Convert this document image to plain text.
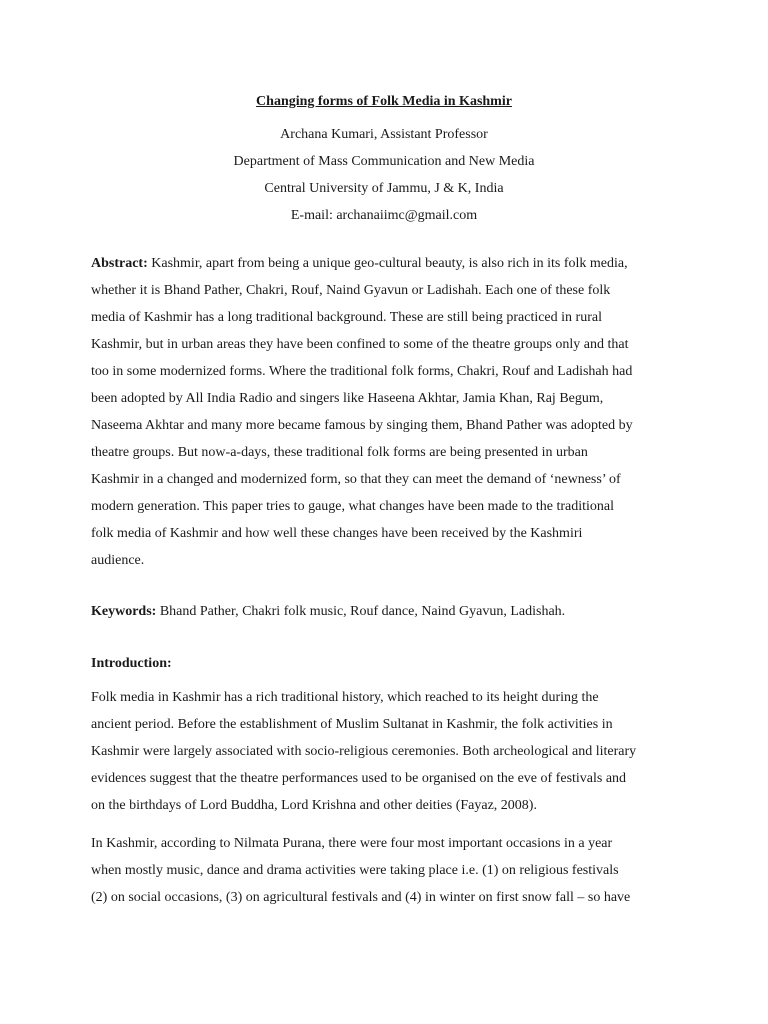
Changing forms of Folk Media in Kashmir
Archana Kumari, Assistant Professor
Department of Mass Communication and New Media
Central University of Jammu, J & K, India
E-mail: archanaiimc@gmail.com
Abstract: Kashmir, apart from being a unique geo-cultural beauty, is also rich in its folk media,
whether it is Bhand Pather, Chakri, Rouf, Naind Gyavun or Ladishah. Each one of these folk
media of Kashmir has a long traditional background. These are still being practiced in rural
Kashmir, but in urban areas they have been confined to some of the theatre groups only and that
too in some modernized forms. Where the traditional folk forms, Chakri, Rouf and Ladishah had
been adopted by All India Radio and singers like Haseena Akhtar, Jamia Khan, Raj Begum,
Naseema Akhtar and many more became famous by singing them, Bhand Pather was adopted by
theatre groups. But now-a-days, these traditional folk forms are being presented in urban
Kashmir in a changed and modernized form, so that they can meet the demand of ‘newness’ of
modern generation. This paper tries to gauge, what changes have been made to the traditional
folk media of Kashmir and how well these changes have been received by the Kashmiri
audience.
Keywords: Bhand Pather, Chakri folk music, Rouf dance, Naind Gyavun, Ladishah.
Introduction:
Folk media in Kashmir has a rich traditional history, which reached to its height during the
ancient period. Before the establishment of Muslim Sultanat in Kashmir, the folk activities in
Kashmir were largely associated with socio-religious ceremonies. Both archeological and literary
evidences suggest that the theatre performances used to be organised on the eve of festivals and
on the birthdays of Lord Buddha, Lord Krishna and other deities (Fayaz, 2008).
In Kashmir, according to Nilmata Purana, there were four most important occasions in a year
when mostly music, dance and drama activities were taking place i.e. (1) on religious festivals
(2) on social occasions, (3) on agricultural festivals and (4) in winter on first snow fall – so have
